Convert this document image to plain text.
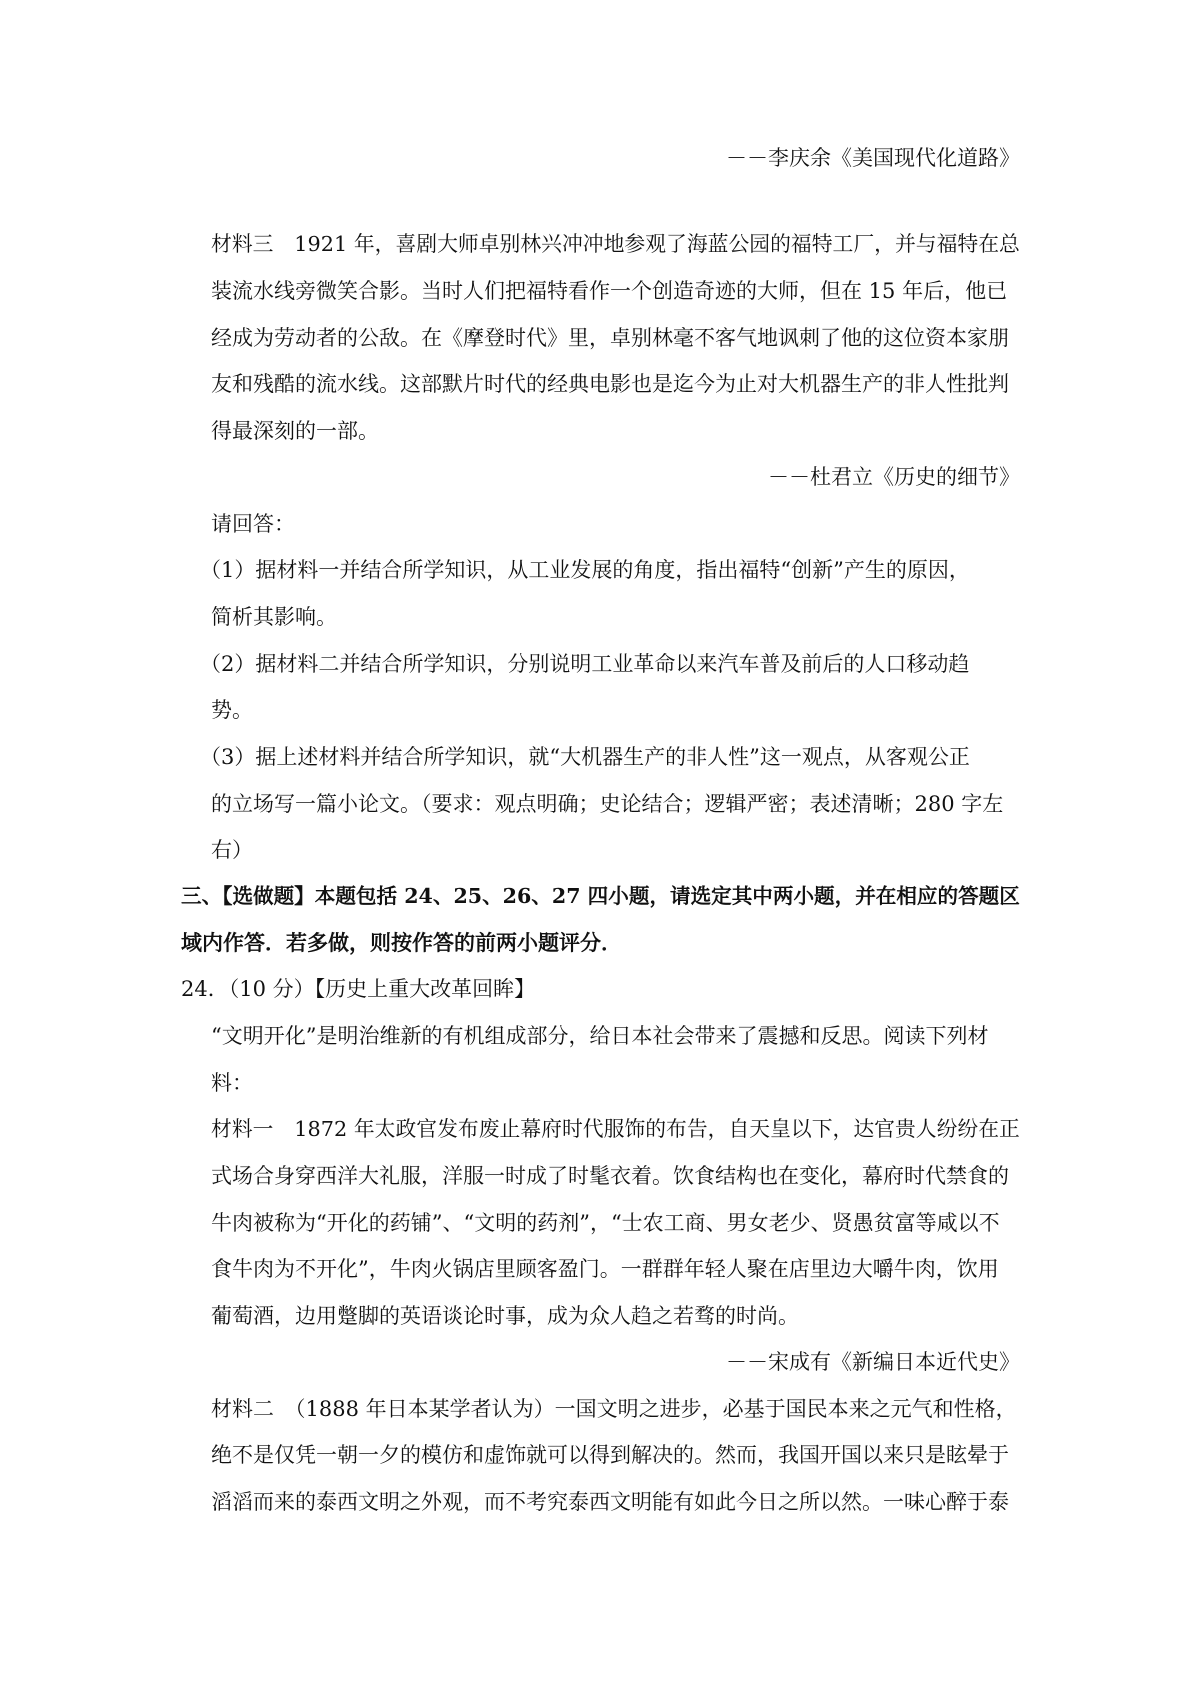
－－李庆余《美国现代化道路》
材料三　1921 年，喜剧大师卓别林兴冲冲地参观了海蓝公园的福特工厂，并与福特在总
装流水线旁微笑合影。当时人们把福特看作一个创造奇迹的大师，但在 15 年后，他已
经成为劳动者的公敌。在《摩登时代》里，卓别林毫不客气地讽刺了他的这位资本家朋
友和残酷的流水线。这部默片时代的经典电影也是迄今为止对大机器生产的非人性批判
得最深刻的一部。
－－杜君立《历史的细节》
请回答：
（1）据材料一并结合所学知识，从工业发展的角度，指出福特“创新”产生的原因，
简析其影响。
（2）据材料二并结合所学知识，分别说明工业革命以来汽车普及前后的人口移动趋
势。
（3）据上述材料并结合所学知识，就“大机器生产的非人性”这一观点，从客观公正
的立场写一篇小论文。（要求：观点明确；史论结合；逻辑严密；表述清晰；280 字左
右）
三、【选做题】本题包括 24、25、26、27 四小题，请选定其中两小题，并在相应的答题区
域内作答．若多做，则按作答的前两小题评分．
24．（10 分）【历史上重大改革回眸】
“文明开化”是明治维新的有机组成部分，给日本社会带来了震撼和反思。阅读下列材
料：
材料一　1872 年太政官发布废止幕府时代服饰的布告，自天皇以下，达官贵人纷纷在正
式场合身穿西洋大礼服，洋服一时成了时髦衣着。饮食结构也在变化，幕府时代禁食的
牛肉被称为“开化的药铺”、“文明的药剂”，“士农工商、男女老少、贤愚贫富等咸以不
食牛肉为不开化”，牛肉火锅店里顾客盈门。一群群年轻人聚在店里边大嚼牛肉，饮用
葡萄酒，边用蹩脚的英语谈论时事，成为众人趋之若骛的时尚。
－－宋成有《新编日本近代史》
材料二　（1888 年日本某学者认为）一国文明之进步，必基于国民本来之元气和性格，
绝不是仅凭一朝一夕的模仿和虚饰就可以得到解决的。然而，我国开国以来只是眩晕于
滔滔而来的泰西文明之外观，而不考究泰西文明能有如此今日之所以然。一味心醉于泰
